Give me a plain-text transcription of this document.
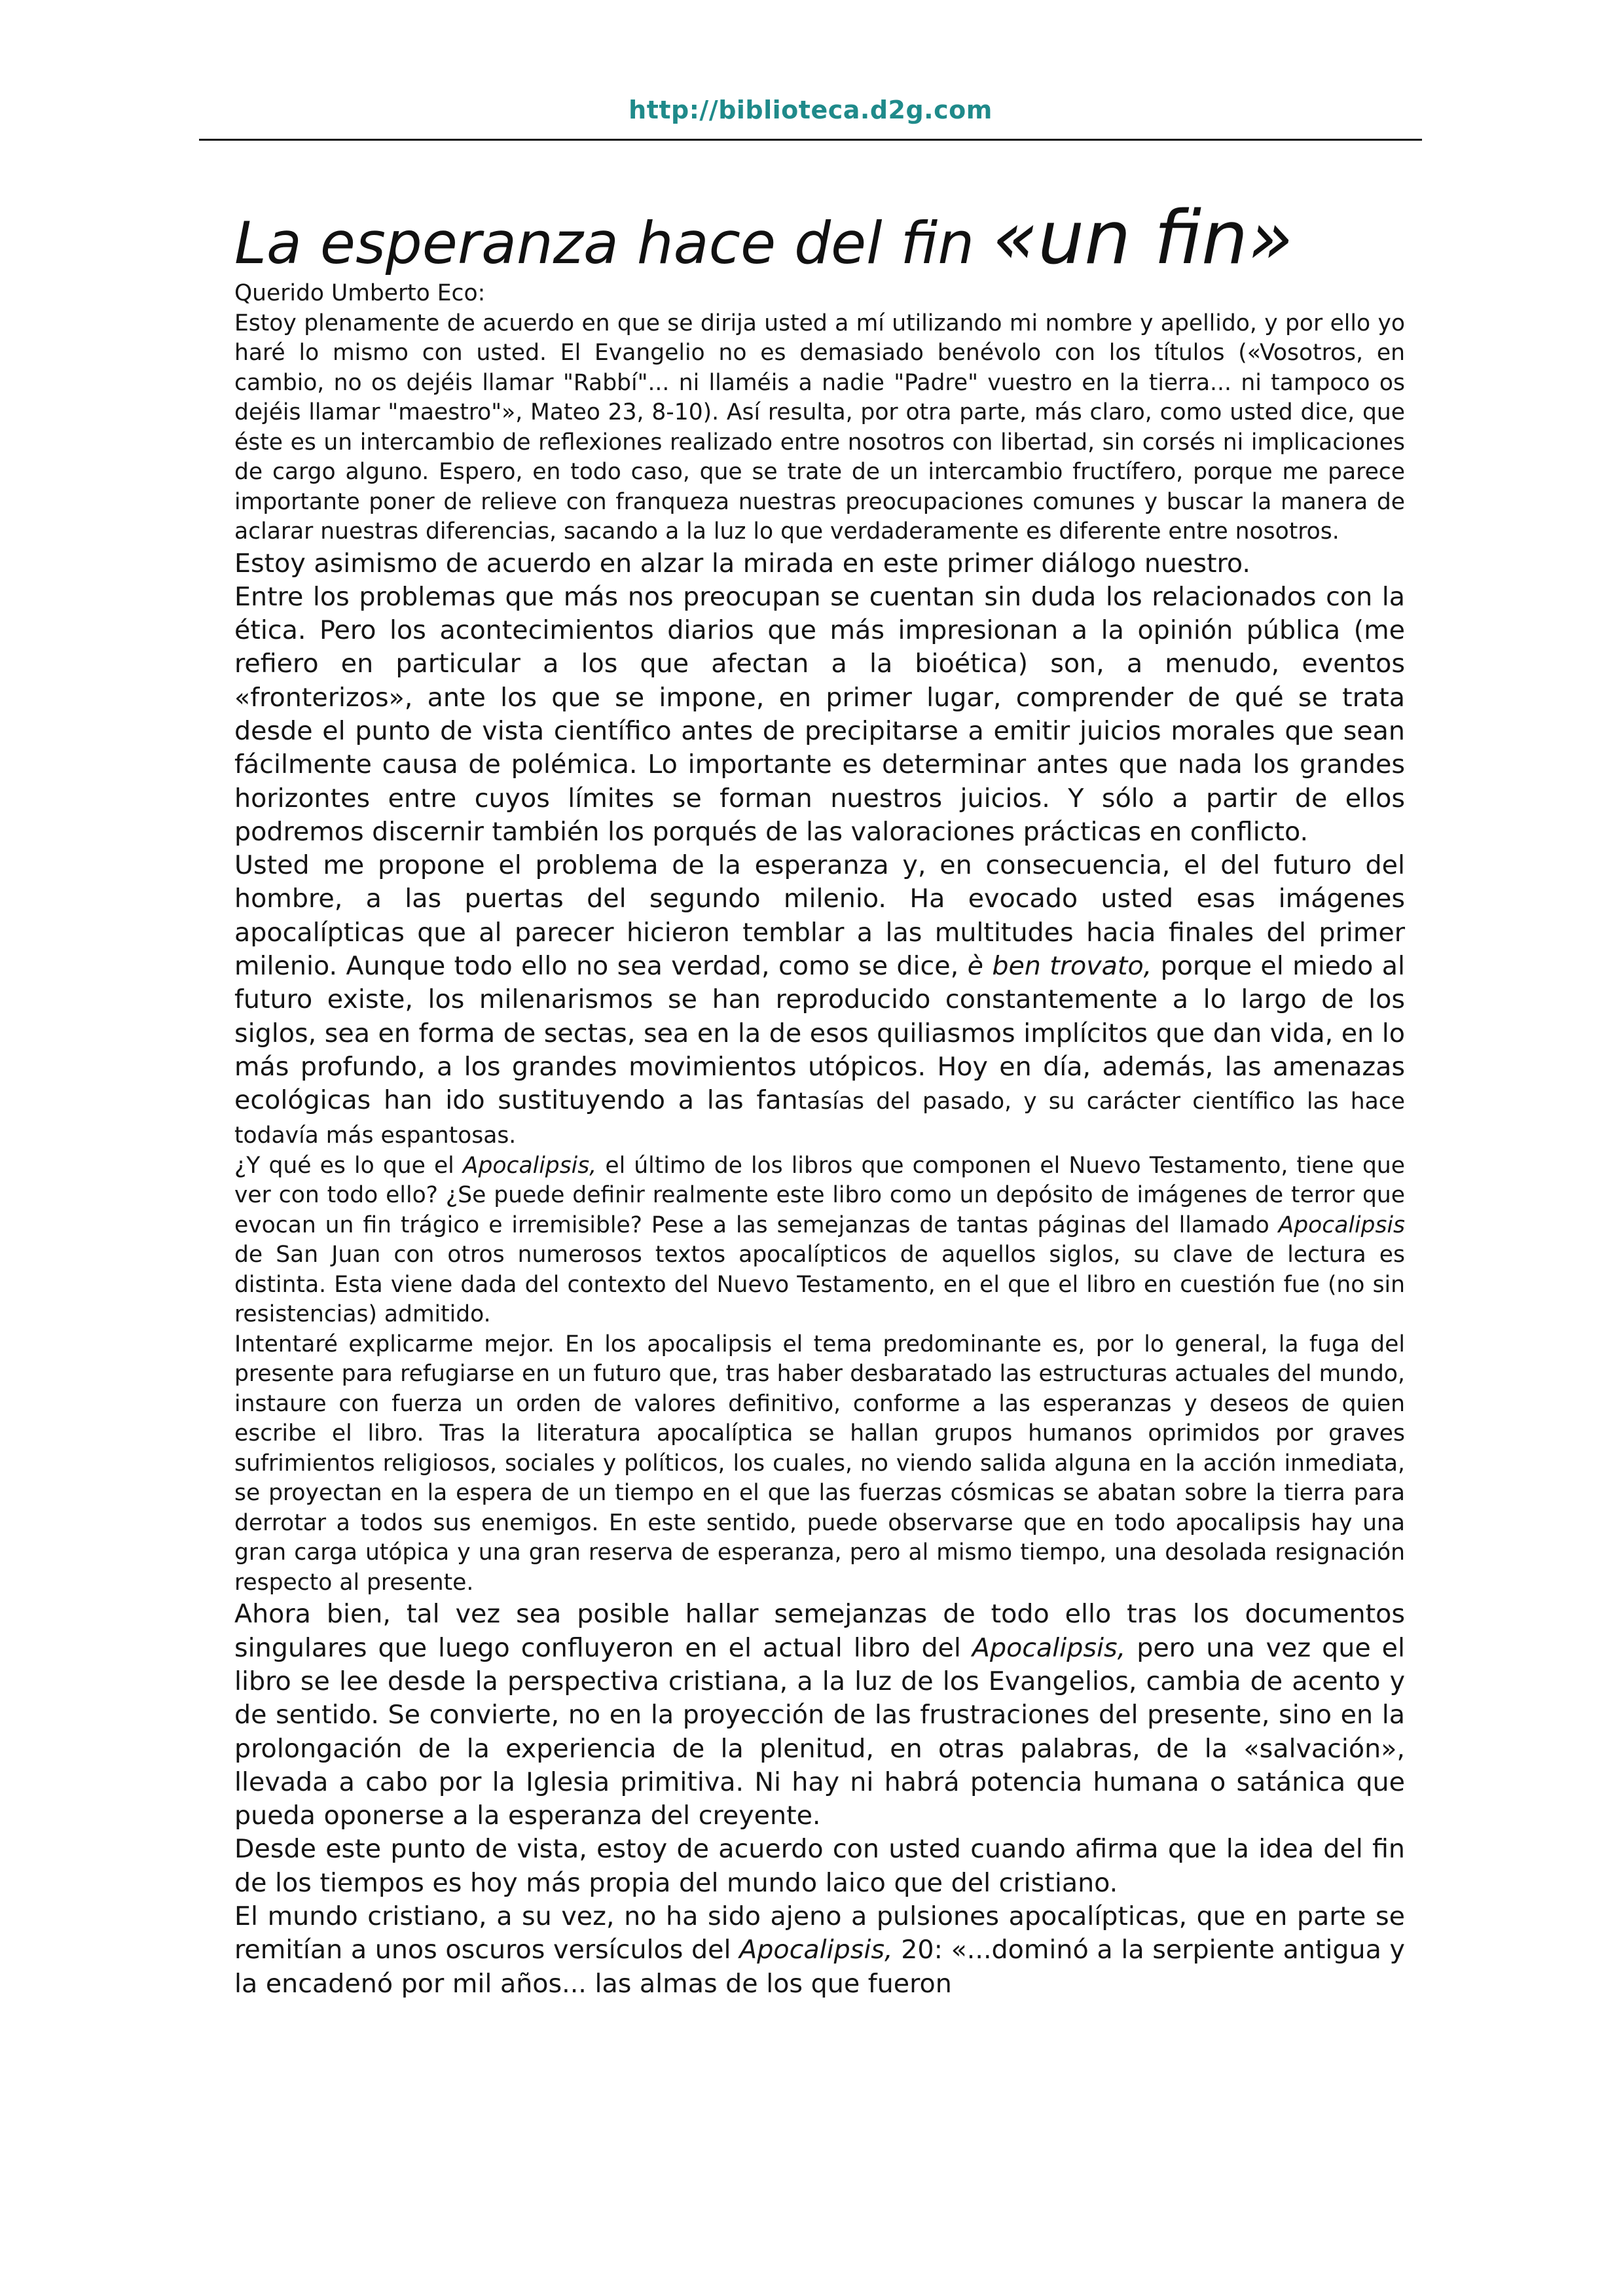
http://biblioteca.d2g.com
La esperanza hace del fin «un fin»

Querido Umberto Eco:

Estoy plenamente de acuerdo en que se dirija usted a mí utilizando mi nombre y apellido, y por ello yo haré lo mismo con usted. El Evangelio no es demasiado benévolo con los títulos («Vosotros, en cambio, no os dejéis llamar "Rabbí"... ni llaméis a nadie "Padre" vuestro en la tierra... ni tampoco os dejéis llamar "maestro"», Mateo 23, 8-10). Así resulta, por otra parte, más claro, como usted dice, que éste es un intercambio de reflexiones realizado entre nosotros con libertad, sin corsés ni implicaciones de cargo alguno. Espero, en todo caso, que se trate de un intercambio fructífero, porque me parece importante poner de relieve con franqueza nuestras preocupaciones comunes y buscar la manera de aclarar nuestras diferencias, sacando a la luz lo que verdaderamente es diferente entre nosotros.

Estoy asimismo de acuerdo en alzar la mirada en este primer diálogo nuestro.

Entre los problemas que más nos preocupan se cuentan sin duda los relacionados con la ética. Pero los acontecimientos diarios que más impresionan a la opinión pública (me refiero en particular a los que afectan a la bioética) son, a menudo, eventos «fronterizos», ante los que se impone, en primer lugar, comprender de qué se trata desde el punto de vista científico antes de precipitarse a emitir juicios morales que sean fácilmente causa de polémica. Lo importante es determinar antes que nada los grandes horizontes entre cuyos límites se forman nuestros juicios. Y sólo a partir de ellos podremos discernir también los porqués de las valoraciones prácticas en conflicto.

Usted me propone el problema de la esperanza y, en consecuencia, el del futuro del hombre, a las puertas del segundo milenio. Ha evocado usted esas imágenes apocalípticas que al parecer hicieron temblar a las multitudes hacia finales del primer milenio. Aunque todo ello no sea verdad, como se dice, è ben trovato, porque el miedo al futuro existe, los milenarismos se han reproducido constantemente a lo largo de los siglos, sea en forma de sectas, sea en la de esos quiliasmos implícitos que dan vida, en lo más profundo, a los grandes movimientos utópicos. Hoy en día, además, las amenazas ecológicas han ido sustituyendo a las fantasías del pasado, y su carácter científico las hace todavía más espantosas.

¿Y qué es lo que el Apocalipsis, el último de los libros que componen el Nuevo Testamento, tiene que ver con todo ello? ¿Se puede definir realmente este libro como un depósito de imágenes de terror que evocan un fin trágico e irremisible? Pese a las semejanzas de tantas páginas del llamado Apocalipsis de San Juan con otros numerosos textos apocalípticos de aquellos siglos, su clave de lectura es distinta. Esta viene dada del contexto del Nuevo Testamento, en el que el libro en cuestión fue (no sin resistencias) admitido.

Intentaré explicarme mejor. En los apocalipsis el tema predominante es, por lo general, la fuga del presente para refugiarse en un futuro que, tras haber desbaratado las estructuras actuales del mundo, instaure con fuerza un orden de valores definitivo, conforme a las esperanzas y deseos de quien escribe el libro. Tras la literatura apocalíptica se hallan grupos humanos oprimidos por graves sufrimientos religiosos, sociales y políticos, los cuales, no viendo salida alguna en la acción inmediata, se proyectan en la espera de un tiempo en el que las fuerzas cósmicas se abatan sobre la tierra para derrotar a todos sus enemigos. En este sentido, puede observarse que en todo apocalipsis hay una gran carga utópica y una gran reserva de esperanza, pero al mismo tiempo, una desolada resignación respecto al presente.

Ahora bien, tal vez sea posible hallar semejanzas de todo ello tras los documentos singulares que luego confluyeron en el actual libro del Apocalipsis, pero una vez que el libro se lee desde la perspectiva cristiana, a la luz de los Evangelios, cambia de acento y de sentido. Se convierte, no en la proyección de las frustraciones del presente, sino en la prolongación de la experiencia de la plenitud, en otras palabras, de la «salvación», llevada a cabo por la Iglesia primitiva. Ni hay ni habrá potencia humana o satánica que pueda oponerse a la esperanza del creyente.

Desde este punto de vista, estoy de acuerdo con usted cuando afirma que la idea del fin de los tiempos es hoy más propia del mundo laico que del cristiano.

El mundo cristiano, a su vez, no ha sido ajeno a pulsiones apocalípticas, que en parte se remitían a unos oscuros versículos del Apocalipsis, 20: «...dominó a la serpiente antigua y la encadenó por mil años... las almas de los que fueron
